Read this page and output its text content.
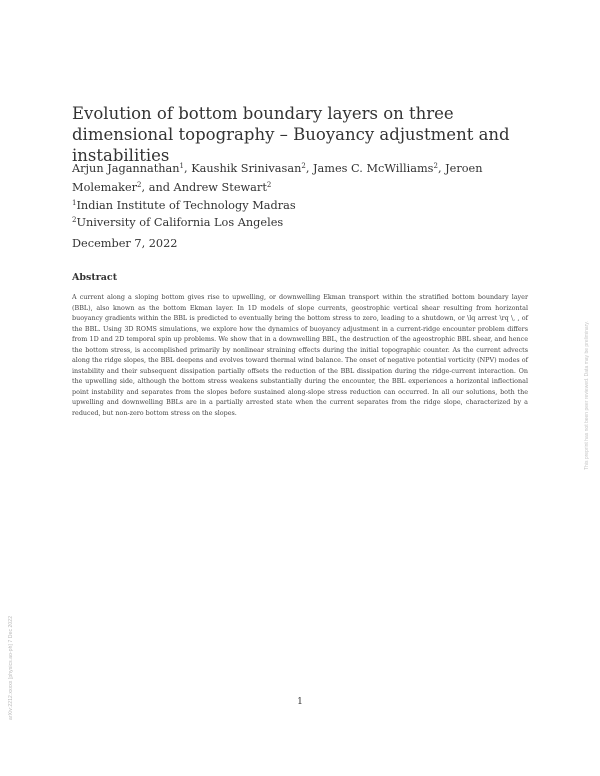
arXiv:2212.xxxxx [physics.ao-ph] 7 Dec 2022
This preprint has not been peer reviewed. Data may be preliminary.
Evolution of bottom boundary layers on three dimensional topography – Buoyancy adjustment and instabilities
Arjun Jagannathan$^1$, Kaushik Srinivasan$^2$, James C. McWilliams$^2$, Jeroen Molemaker$^2$, and Andrew Stewart$^2$
$^1$Indian Institute of Technology Madras
$^2$University of California Los Angeles
December 7, 2022
Abstract

A current along a sloping bottom gives rise to upwelling, or downwelling Ekman transport within the stratified bottom boundary layer (BBL), also known as the bottom Ekman layer. In 1D models of slope currents, geostrophic vertical shear resulting from horizontal buoyancy gradients within the BBL is predicted to eventually bring the bottom stress to zero, leading to a shutdown, or \lq arrest \rq \, , of the BBL. Using 3D ROMS simulations, we explore how the dynamics of buoyancy adjustment in a current-ridge encounter problem differs from 1D and 2D temporal spin up problems. We show that in a downwelling BBL, the destruction of the ageostrophic BBL shear, and hence the bottom stress, is accomplished primarily by nonlinear straining effects during the initial topographic counter. As the current advects along the ridge slopes, the BBL deepens and evolves toward thermal wind balance. The onset of negative potential vorticity (NPV) modes of instability and their subsequent dissipation partially offsets the reduction of the BBL dissipation during the ridge-current interaction. On the upwelling side, although the bottom stress weakens substantially during the encounter, the BBL experiences a horizontal inflectional point instability and separates from the slopes before sustained along-slope stress reduction can occurred. In all our solutions, both the upwelling and downwelling BBLs are in a partially arrested state when the current separates from the ridge slope, characterized by a reduced, but non-zero bottom stress on the slopes.

1
